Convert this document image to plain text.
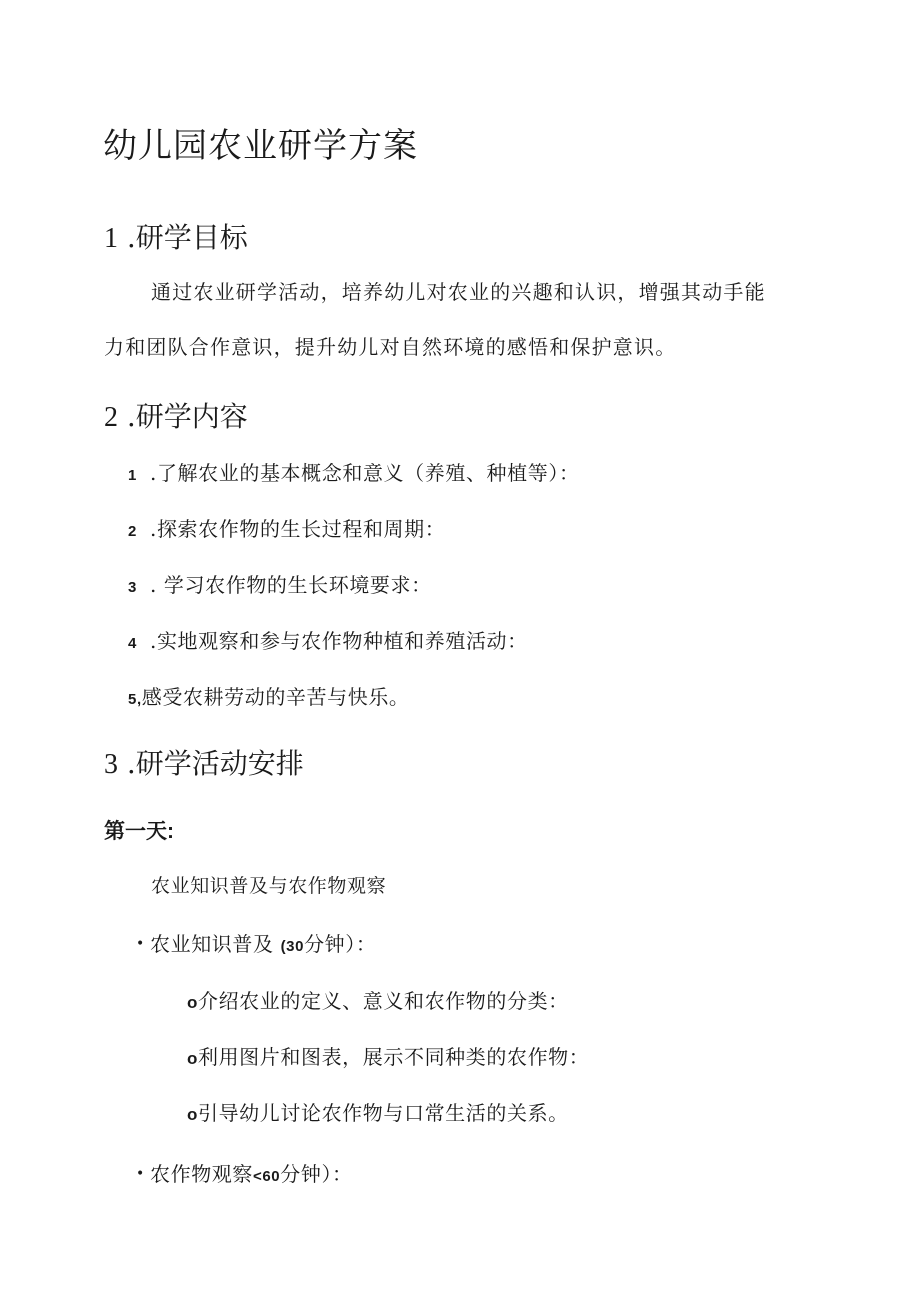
幼儿园农业研学方案
1 .研学目标
通过农业研学活动，培养幼儿对农业的兴趣和认识，增强其动手能
力和团队合作意识，提升幼儿对自然环境的感悟和保护意识。
2 .研学内容
1 .了解农业的基本概念和意义（养殖、种植等）：
2 .探索农作物的生长过程和周期：
3 . 学习农作物的生长环境要求：
4 .实地观察和参与农作物种植和养殖活动：
5,感受农耕劳动的辛苦与快乐。
3 .研学活动安排
第一天:
农业知识普及与农作物观察
• 农业知识普及 (30分钟）：
o介绍农业的定义、意义和农作物的分类：
o利用图片和图表，展示不同种类的农作物：
o引导幼儿讨论农作物与口常生活的关系。
• 农作物观察<60分钟）：
